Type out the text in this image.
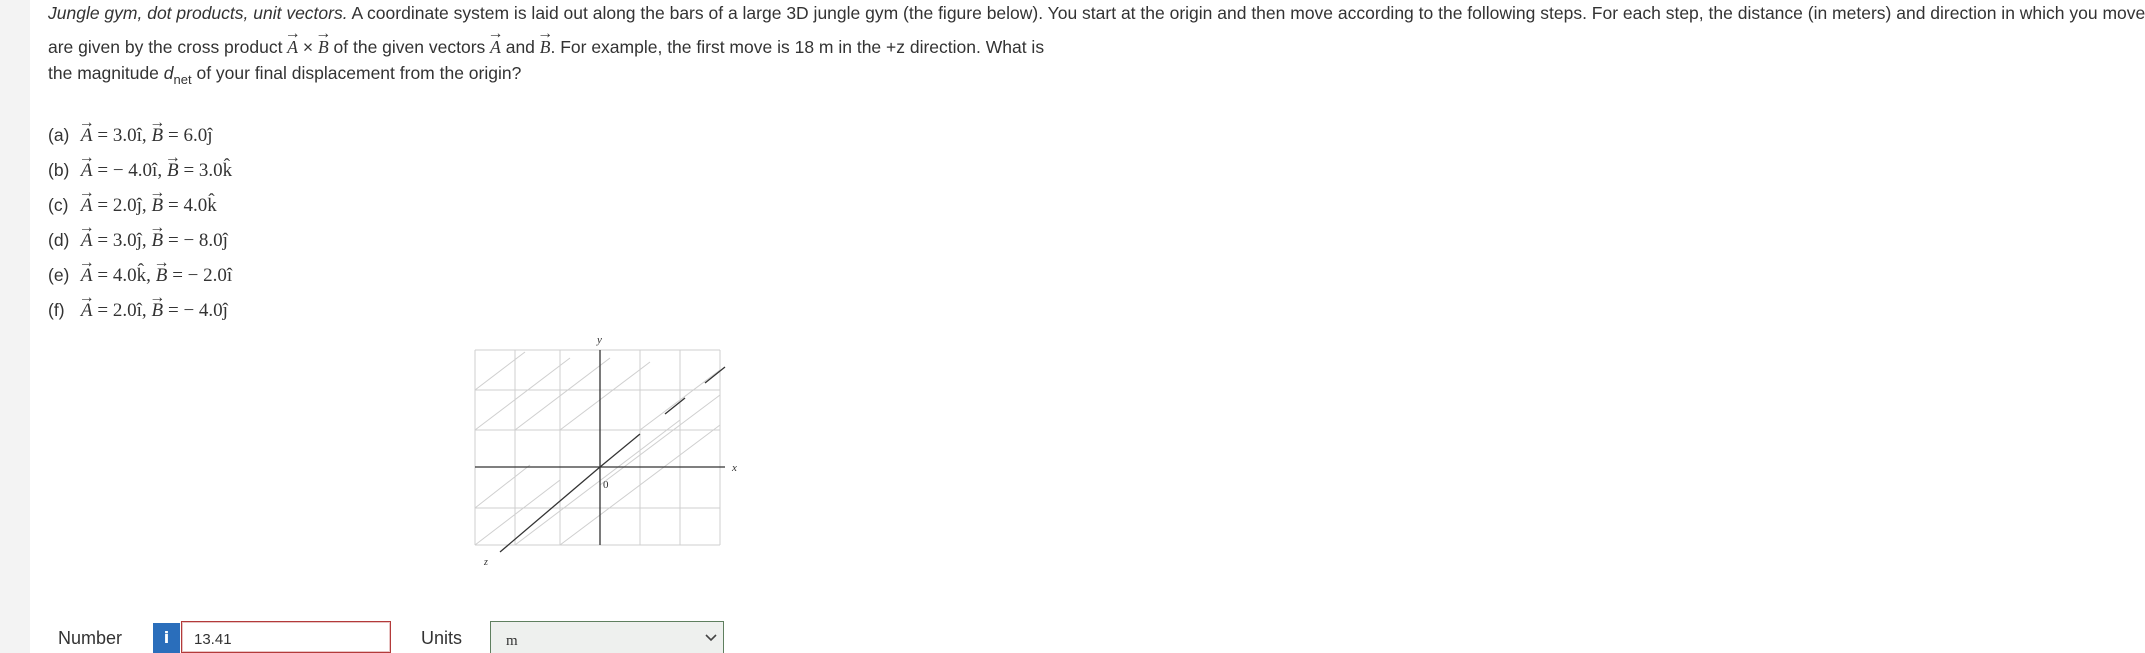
Jungle gym, dot products, unit vectors. A coordinate system is laid out along the bars of a large 3D jungle gym (the figure below). You start at the origin and then move according to the following steps. For each step, the distance (in meters) and direction in which you move

are given by the cross product → A × → B of the given vectors → A and → B. For example, the first move is 18 m in the +z direction. What is

the magnitude $d_{net}$ of your final displacement from the origin?

(a) → A = 3.0î, → B = 6.0ĵ
(b) → A = − 4.0î, → B = 3.0k̂
(c) → A = 2.0ĵ, → B = 4.0k̂
(d) → A = 3.0ĵ, → B = − 8.0ĵ
(e) → A = 4.0k̂, → B = − 2.0î
(f) → A = 2.0î, → B = − 4.0ĵ
y
x
z
0
Number	i	13.41	Units	m
